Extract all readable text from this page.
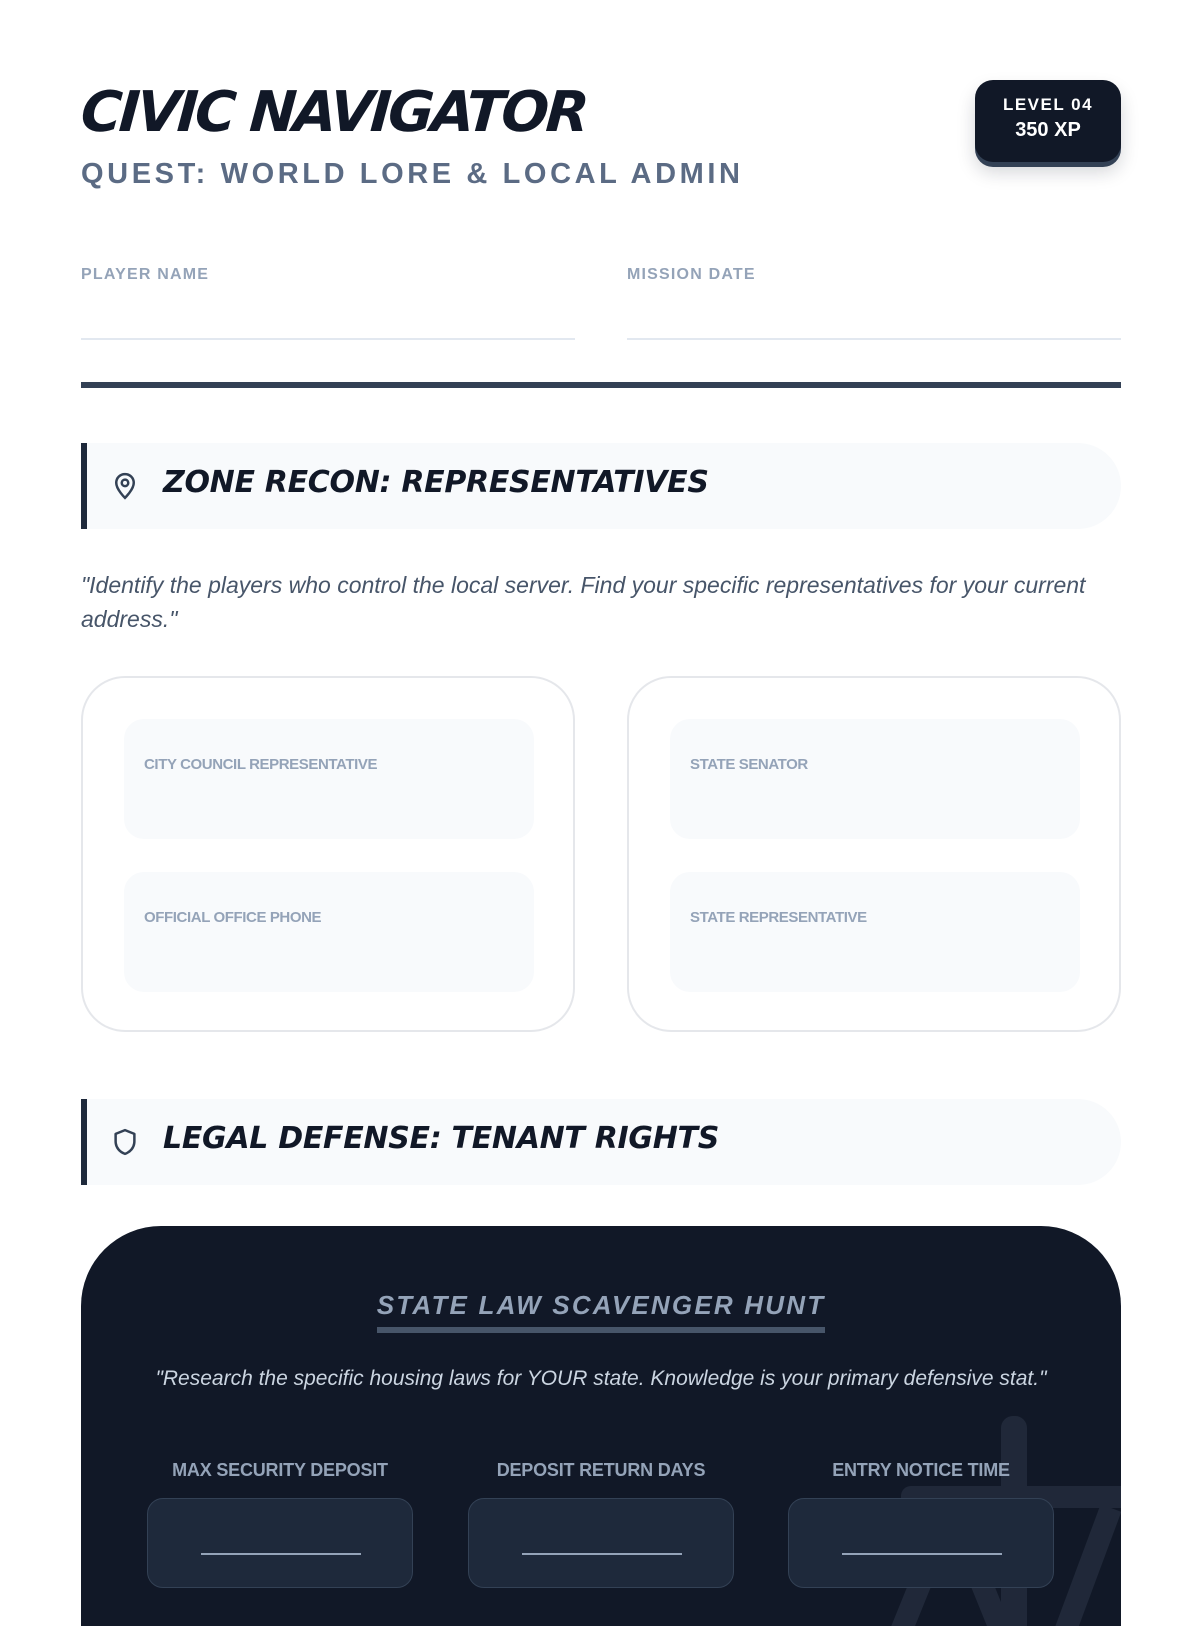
CIVIC NAVIGATOR
QUEST: WORLD LORE & LOCAL ADMIN
LEVEL 04
350 XP
PLAYER NAME	MISSION DATE
ZONE RECON: REPRESENTATIVES
"Identify the players who control the local server. Find your specific representatives for your current address."
CITY COUNCIL REPRESENTATIVE
OFFICIAL OFFICE PHONE
STATE SENATOR
STATE REPRESENTATIVE
LEGAL DEFENSE: TENANT RIGHTS
STATE LAW SCAVENGER HUNT
"Research the specific housing laws for YOUR state. Knowledge is your primary defensive stat."
MAX SECURITY DEPOSIT	DEPOSIT RETURN DAYS	ENTRY NOTICE TIME
